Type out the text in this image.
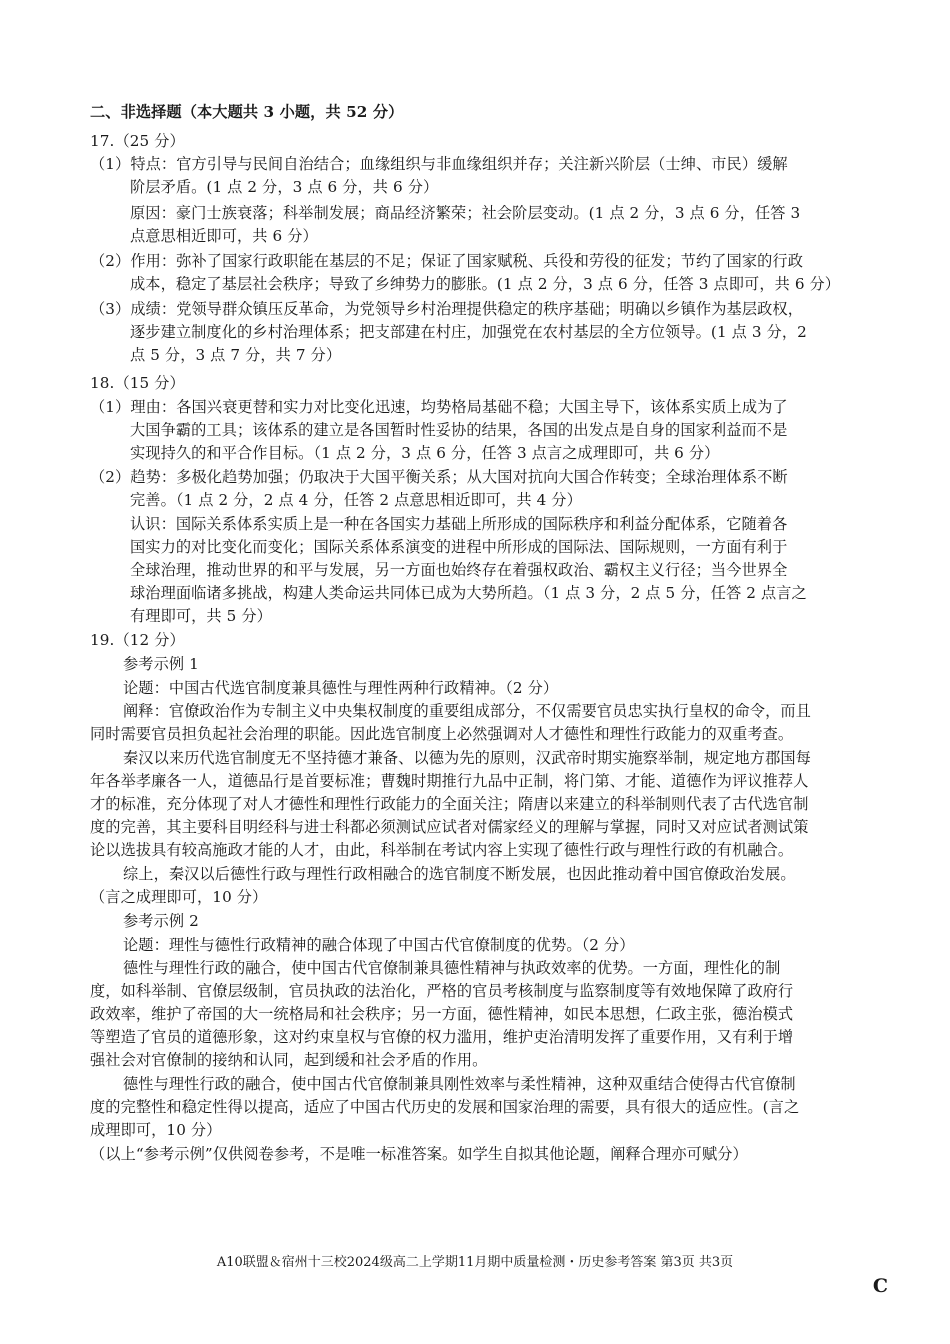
二、非选择题（本大题共 3 小题，共 52 分）
17.（25 分）
（1）特点：官方引导与民间自治结合；血缘组织与非血缘组织并存；关注新兴阶层（士绅、市民）缓解
阶层矛盾。(1 点 2 分，3 点 6 分，共 6 分）
原因：豪门士族衰落；科举制发展；商品经济繁荣；社会阶层变动。(1 点 2 分，3 点 6 分，任答 3
点意思相近即可，共 6 分）
（2）作用：弥补了国家行政职能在基层的不足；保证了国家赋税、兵役和劳役的征发；节约了国家的行政
成本，稳定了基层社会秩序；导致了乡绅势力的膨胀。(1 点 2 分，3 点 6 分，任答 3 点即可，共 6 分）
（3）成绩：党领导群众镇压反革命，为党领导乡村治理提供稳定的秩序基础；明确以乡镇作为基层政权，
逐步建立制度化的乡村治理体系；把支部建在村庄，加强党在农村基层的全方位领导。(1 点 3 分，2
点 5 分，3 点 7 分，共 7 分）
18.（15 分）
（1）理由：各国兴衰更替和实力对比变化迅速，均势格局基础不稳；大国主导下，该体系实质上成为了
大国争霸的工具；该体系的建立是各国暂时性妥协的结果，各国的出发点是自身的国家利益而不是
实现持久的和平合作目标。（1 点 2 分，3 点 6 分，任答 3 点言之成理即可，共 6 分）
（2）趋势：多极化趋势加强；仍取决于大国平衡关系；从大国对抗向大国合作转变；全球治理体系不断
完善。（1 点 2 分，2 点 4 分，任答 2 点意思相近即可，共 4 分）
认识：国际关系体系实质上是一种在各国实力基础上所形成的国际秩序和利益分配体系，它随着各
国实力的对比变化而变化；国际关系体系演变的进程中所形成的国际法、国际规则，一方面有利于
全球治理，推动世界的和平与发展，另一方面也始终存在着强权政治、霸权主义行径；当今世界全
球治理面临诸多挑战，构建人类命运共同体已成为大势所趋。（1 点 3 分，2 点 5 分，任答 2 点言之
有理即可，共 5 分）
19.（12 分）
参考示例 1
论题：中国古代选官制度兼具德性与理性两种行政精神。（2 分）
阐释：官僚政治作为专制主义中央集权制度的重要组成部分，不仅需要官员忠实执行皇权的命令，而且
同时需要官员担负起社会治理的职能。因此选官制度上必然强调对人才德性和理性行政能力的双重考查。
秦汉以来历代选官制度无不坚持德才兼备、以德为先的原则，汉武帝时期实施察举制，规定地方郡国每
年各举孝廉各一人，道德品行是首要标准；曹魏时期推行九品中正制，将门第、才能、道德作为评议推荐人
才的标准，充分体现了对人才德性和理性行政能力的全面关注；隋唐以来建立的科举制则代表了古代选官制
度的完善，其主要科目明经科与进士科都必须测试应试者对儒家经义的理解与掌握，同时又对应试者测试策
论以选拔具有较高施政才能的人才，由此，科举制在考试内容上实现了德性行政与理性行政的有机融合。
综上，秦汉以后德性行政与理性行政相融合的选官制度不断发展，也因此推动着中国官僚政治发展。
（言之成理即可，10 分）
参考示例 2
论题：理性与德性行政精神的融合体现了中国古代官僚制度的优势。（2 分）
德性与理性行政的融合，使中国古代官僚制兼具德性精神与执政效率的优势。一方面，理性化的制
度，如科举制、官僚层级制，官员执政的法治化，严格的官员考核制度与监察制度等有效地保障了政府行
政效率，维护了帝国的大一统格局和社会秩序；另一方面，德性精神，如民本思想，仁政主张，德治模式
等塑造了官员的道德形象，这对约束皇权与官僚的权力滥用，维护吏治清明发挥了重要作用，又有利于增
强社会对官僚制的接纳和认同，起到缓和社会矛盾的作用。
德性与理性行政的融合，使中国古代官僚制兼具刚性效率与柔性精神，这种双重结合使得古代官僚制
度的完整性和稳定性得以提高，适应了中国古代历史的发展和国家治理的需要，具有很大的适应性。(言之
成理即可，10 分）
（以上“参考示例”仅供阅卷参考，不是唯一标准答案。如学生自拟其他论题，阐释合理亦可赋分）
A10联盟＆宿州十三校2024级高二上学期11月期中质量检测・历史参考答案 第3页 共3页
C
